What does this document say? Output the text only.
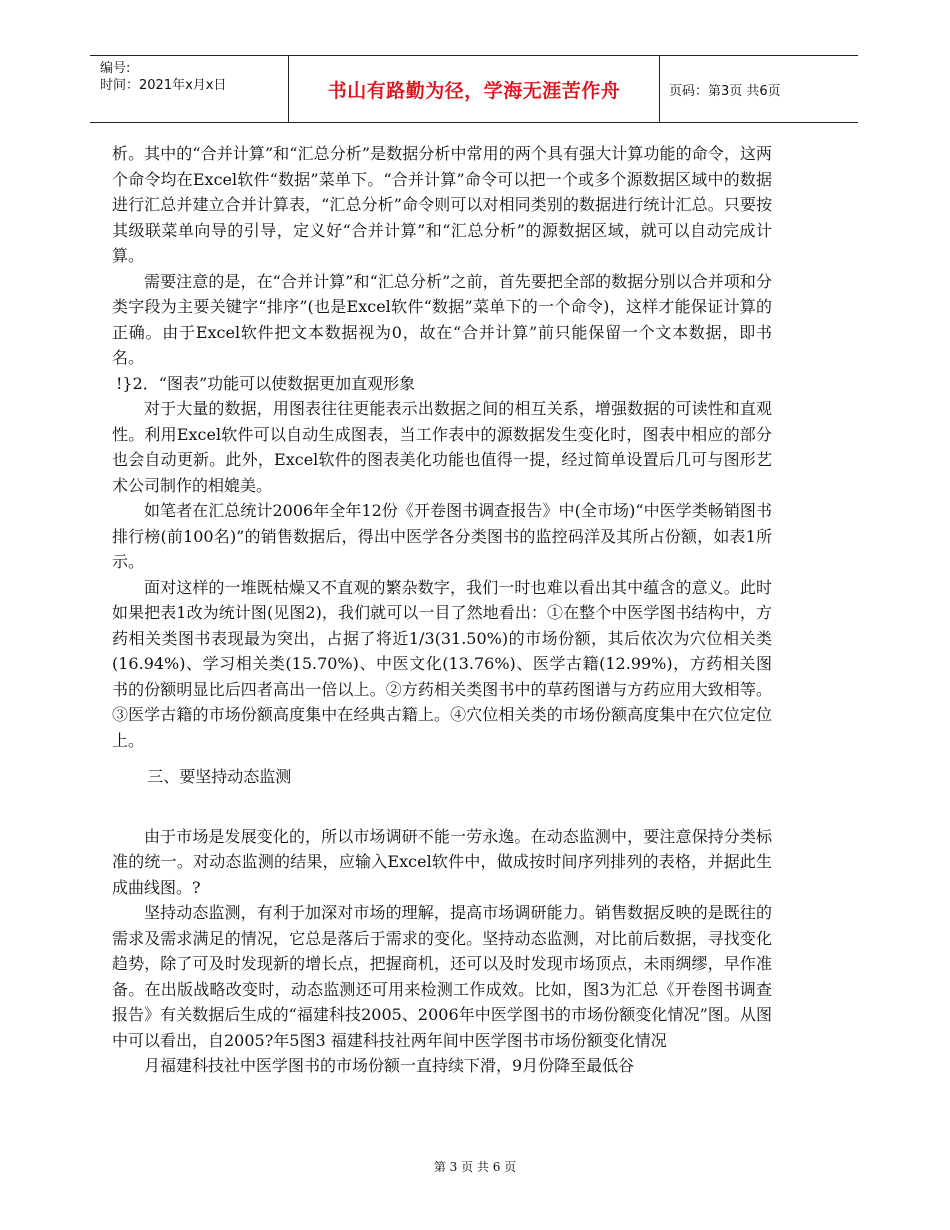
编号:
时间：2021年x月x日	书山有路勤为径，学海无涯苦作舟	页码：第3页 共6页

析。其中的“合并计算”和“汇总分析”是数据分析中常用的两个具有强大计算功能的命令，这两个命令均在Excel软件“数据”菜单下。“合并计算”命令可以把一个或多个源数据区域中的数据进行汇总并建立合并计算表，“汇总分析”命令则可以对相同类别的数据进行统计汇总。只要按其级联菜单向导的引导，定义好“合并计算”和“汇总分析”的源数据区域，就可以自动完成计算。

需要注意的是，在“合并计算”和“汇总分析”之前，首先要把全部的数据分别以合并项和分类字段为主要关键字“排序”(也是Excel软件“数据”菜单下的一个命令)，这样才能保证计算的正确。由于Excel软件把文本数据视为0，故在“合并计算”前只能保留一个文本数据，即书名。

!}2．“图表”功能可以使数据更加直观形象

对于大量的数据，用图表往往更能表示出数据之间的相互关系，增强数据的可读性和直观性。利用Excel软件可以自动生成图表，当工作表中的源数据发生变化时，图表中相应的部分也会自动更新。此外，Excel软件的图表美化功能也值得一提，经过简单设置后几可与图形艺术公司制作的相媲美。

如笔者在汇总统计2006年全年12份《开卷图书调查报告》中(全市场)“中医学类畅销图书排行榜(前100名)”的销售数据后，得出中医学各分类图书的监控码洋及其所占份额，如表1所示。

面对这样的一堆既枯燥又不直观的繁杂数字，我们一时也难以看出其中蕴含的意义。此时如果把表1改为统计图(见图2)，我们就可以一目了然地看出：①在整个中医学图书结构中，方药相关类图书表现最为突出，占据了将近1/3(31.50%)的市场份额，其后依次为穴位相关类(16.94%)、学习相关类(15.70%)、中医文化(13.76%)、医学古籍(12.99%)，方药相关图书的份额明显比后四者高出一倍以上。②方药相关类图书中的草药图谱与方药应用大致相等。③医学古籍的市场份额高度集中在经典古籍上。④穴位相关类的市场份额高度集中在穴位定位上。

三、要坚持动态监测

由于市场是发展变化的，所以市场调研不能一劳永逸。在动态监测中，要注意保持分类标准的统一。对动态监测的结果，应输入Excel软件中，做成按时间序列排列的表格，并据此生成曲线图。?

坚持动态监测，有利于加深对市场的理解，提高市场调研能力。销售数据反映的是既往的需求及需求满足的情况，它总是落后于需求的变化。坚持动态监测，对比前后数据，寻找变化趋势，除了可及时发现新的增长点，把握商机，还可以及时发现市场顶点，未雨绸缪，早作准备。在出版战略改变时，动态监测还可用来检测工作成效。比如，图3为汇总《开卷图书调查报告》有关数据后生成的“福建科技2005、2006年中医学图书的市场份额变化情况”图。从图中可以看出，自2005?年5图3 福建科技社两年间中医学图书市场份额变化情况

月福建科技社中医学图书的市场份额一直持续下滑，9月份降至最低谷

第 3 页 共 6 页
